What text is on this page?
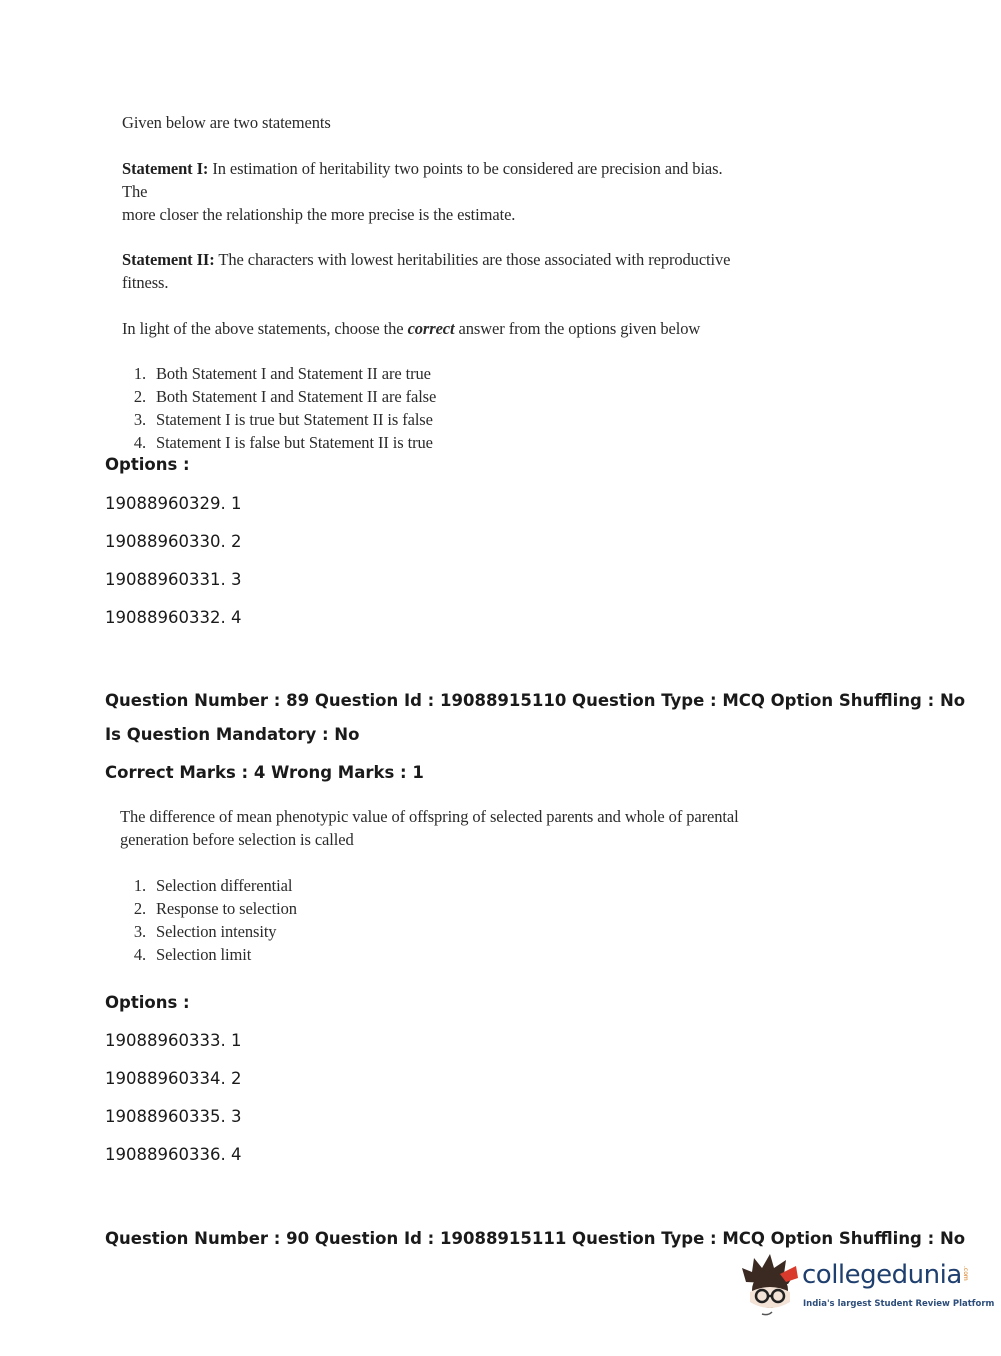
Given below are two statements
Statement I: In estimation of heritability two points to be considered are precision and bias. The
more closer the relationship the more precise is the estimate.
Statement II: The characters with lowest heritabilities are those associated with reproductive
fitness.
In light of the above statements, choose the correct answer from the options given below
1. Both Statement I and Statement II are true
2. Both Statement I and Statement II are false
3. Statement I is true but Statement II is false
4. Statement I is false but Statement II is true
Options :
19088960329. 1
19088960330. 2
19088960331. 3
19088960332. 4
Question Number : 89 Question Id : 19088915110 Question Type : MCQ Option Shuffling : No
Is Question Mandatory : No
Correct Marks : 4 Wrong Marks : 1
The difference of mean phenotypic value of offspring of selected parents and whole of parental
generation before selection is called
1. Selection differential
2. Response to selection
3. Selection intensity
4. Selection limit
Options :
19088960333. 1
19088960334. 2
19088960335. 3
19088960336. 4
Question Number : 90 Question Id : 19088915111 Question Type : MCQ Option Shuffling : No
collegedunia .com
India's largest Student Review Platform
